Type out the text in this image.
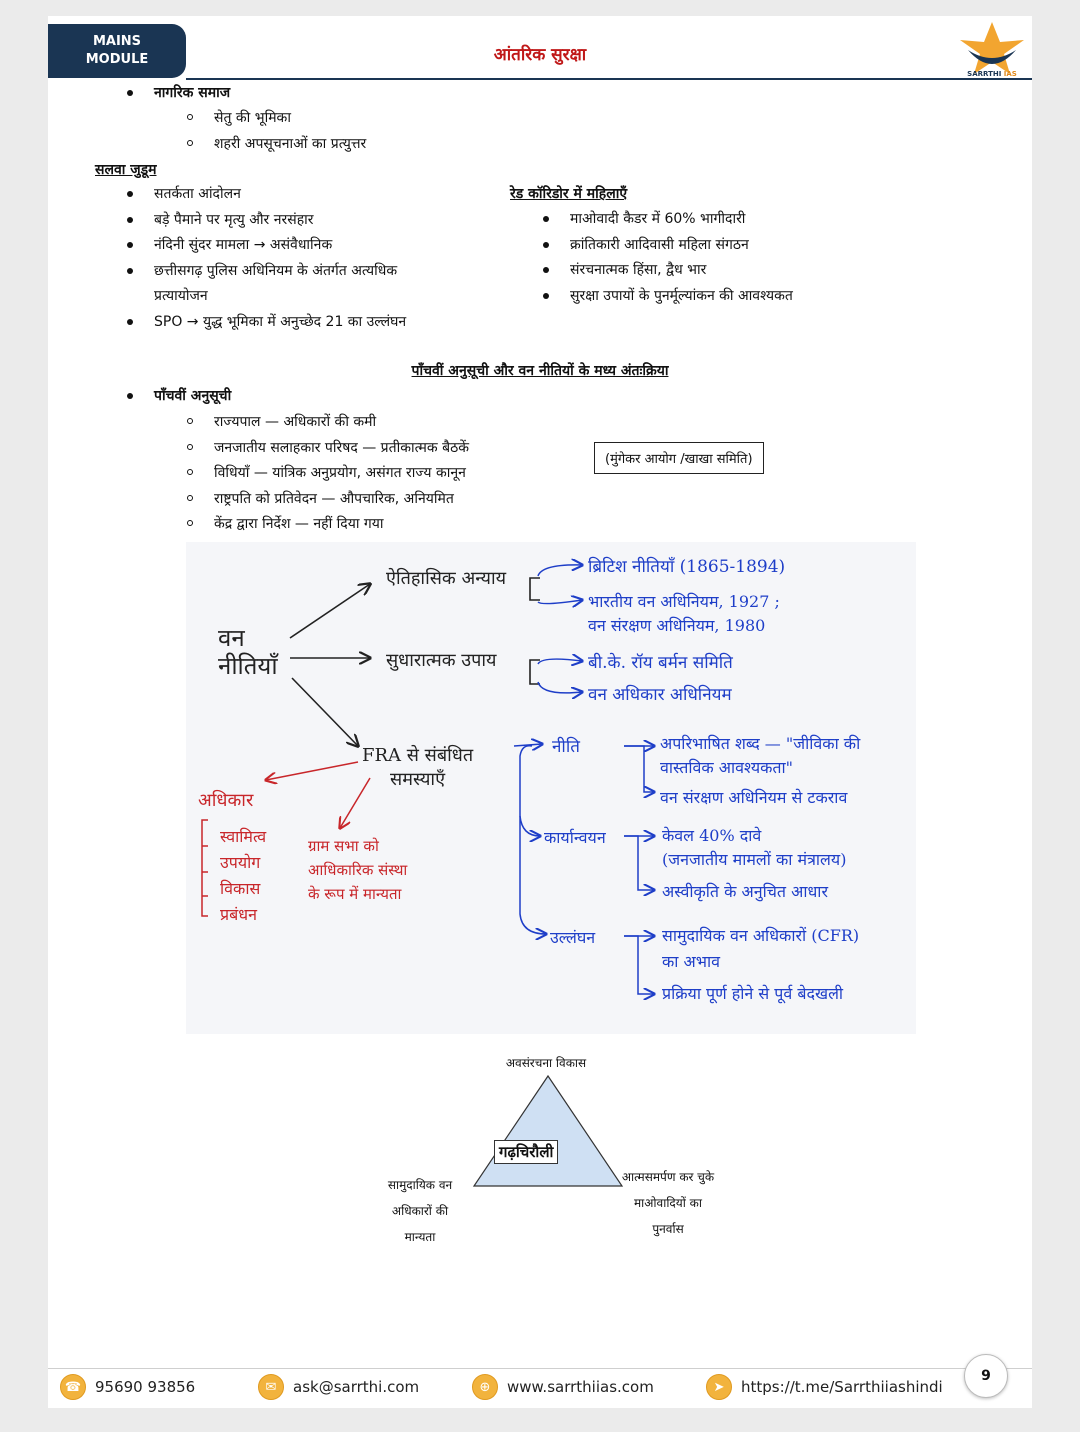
MAINS
MODULE	आंतरिक सुरक्षा
SARRTHI IAS
नागरिक समाज
सेतु की भूमिका
शहरी अपसूचनाओं का प्रत्युत्तर
सलवा जुडूम
सतर्कता आंदोलन
बड़े पैमाने पर मृत्यु और नरसंहार
नंदिनी सुंदर मामला → असंवैधानिक
छत्तीसगढ़ पुलिस अधिनियम के अंतर्गत अत्यधिक
प्रत्यायोजन
SPO → युद्ध भूमिका में अनुच्छेद 21 का उल्लंघन
रेड कॉरिडोर में महिलाएँ
माओवादी कैडर में 60% भागीदारी
क्रांतिकारी आदिवासी महिला संगठन
संरचनात्मक हिंसा, द्वैध भार
सुरक्षा उपायों के पुनर्मूल्यांकन की आवश्यकत
पाँचवीं अनुसूची और वन नीतियों के मध्य अंतःक्रिया
पाँचवीं अनुसूची
राज्यपाल — अधिकारों की कमी
जनजातीय सलाहकार परिषद — प्रतीकात्मक बैठकें
विधियाँ — यांत्रिक अनुप्रयोग, असंगत राज्य कानून
राष्ट्रपति को प्रतिवेदन — औपचारिक, अनियमित
केंद्र द्वारा निर्देश — नहीं दिया गया
(मुंगेकर आयोग /खाखा समिति)
वन
नीतियाँ
ऐतिहासिक अन्याय
ब्रिटिश नीतियाँ (1865-1894)
भारतीय वन अधिनियम, 1927 ;
वन संरक्षण अधिनियम, 1980
सुधारात्मक उपाय	बी.के. रॉय बर्मन समिति
वन अधिकार अधिनियम
FRA से संबंधित
समस्याएँ
अधिकार
स्वामित्व
उपयोग
विकास
प्रबंधन
ग्राम सभा को
आधिकारिक संस्था
के रूप में मान्यता
नीति	अपरिभाषित शब्द — "जीविका की
वास्तविक आवश्यकता"
वन संरक्षण अधिनियम से टकराव
कार्यान्वयन	केवल 40% दावे
(जनजातीय मामलों का मंत्रालय)
अस्वीकृति के अनुचित आधार
उल्लंघन	सामुदायिक वन अधिकारों (CFR)
का अभाव
प्रक्रिया पूर्ण होने से पूर्व बेदखली
अवसंरचना विकास
गढ़चिरौली
सामुदायिक वन
अधिकारों की
मान्यता
आत्मसमर्पण कर चुके
माओवादियों का
पुनर्वास
☎ 95690 93856	✉	ask@sarrthi.com	⊕	www.sarrthiias.com	➤	https://t.me/Sarrthiiashindi
9
